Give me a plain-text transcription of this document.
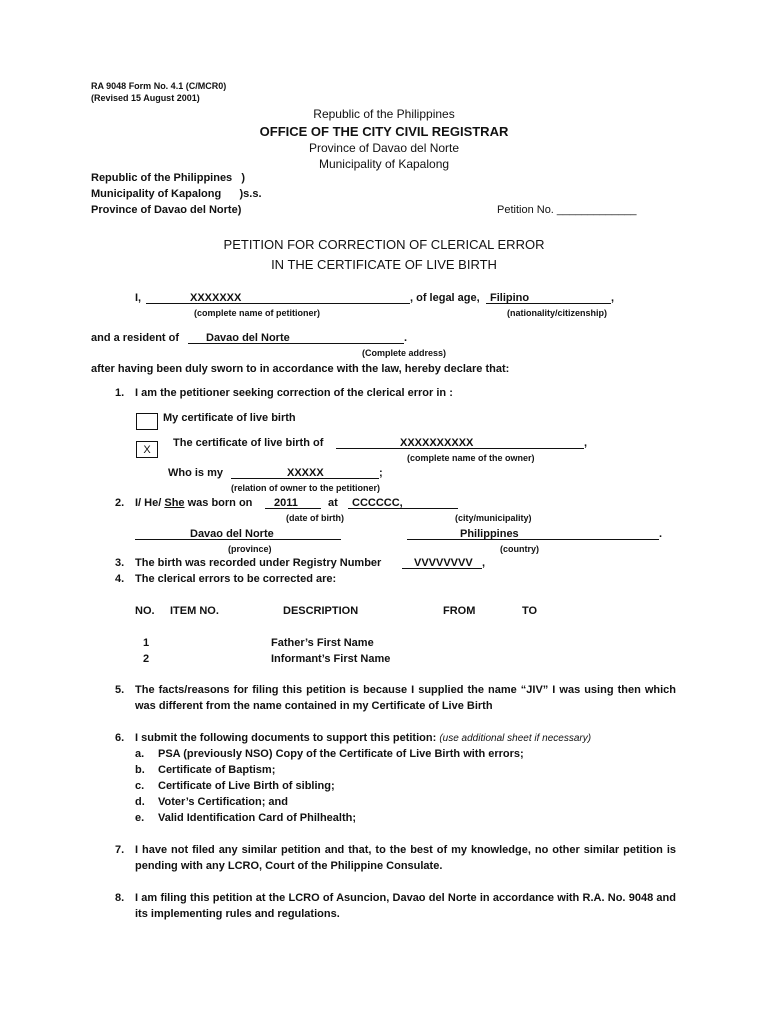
RA 9048 Form No. 4.1 (C/MCR0)
(Revised 15 August 2001)
Republic of the Philippines
OFFICE OF THE CITY CIVIL REGISTRAR
Province of Davao del Norte
Municipality of Kapalong
Republic of the Philippines   )
Municipality of Kapalong      )s.s.
Province of Davao del Norte)	Petition No. _____________
PETITION FOR CORRECTION OF CLERICAL ERROR
IN THE CERTIFICATE OF LIVE BIRTH
I,	XXXXXXX	, of legal age, Filipino	,
(complete name of petitioner)	(nationality/citizenship)
and a resident of	Davao del Norte	.
(Complete address)
after having been duly sworn to in accordance with the law, hereby declare that:
1. I am the petitioner seeking correction of the clerical error in :
My certificate of live birth
X
The certificate of live birth of	XXXXXXXXXX	,
(complete name of the owner)
Who is my	XXXXX	;
(relation of owner to the petitioner)
2. I/ He/ She was born on	2011	at	CCCCCC,
(date of birth)	(city/municipality)
Davao del Norte	Philippines	.
(province)	(country)
3. The birth was recorded under Registry Number	VVVVVVVV ,
4. The clerical errors to be corrected are:
NO. ITEM NO.	DESCRIPTION	FROM	TO
1	Father’s First Name
2	Informant’s First Name
5. The facts/reasons for filing this petition is because I supplied the name “JIV” I was using then which was different from the name contained in my Certificate of Live Birth
6. I submit the following documents to support this petition: (use additional sheet if necessary)
a. PSA (previously NSO) Copy of the Certificate of Live Birth with errors;
b. Certificate of Baptism;
c. Certificate of Live Birth of sibling;
d. Voter’s Certification; and
e. Valid Identification Card of Philhealth;
7. I have not filed any similar petition and that, to the best of my knowledge, no other similar petition is pending with any LCRO, Court of the Philippine Consulate.
8. I am filing this petition at the LCRO of Asuncion, Davao del Norte in accordance with R.A. No. 9048 and its implementing rules and regulations.
